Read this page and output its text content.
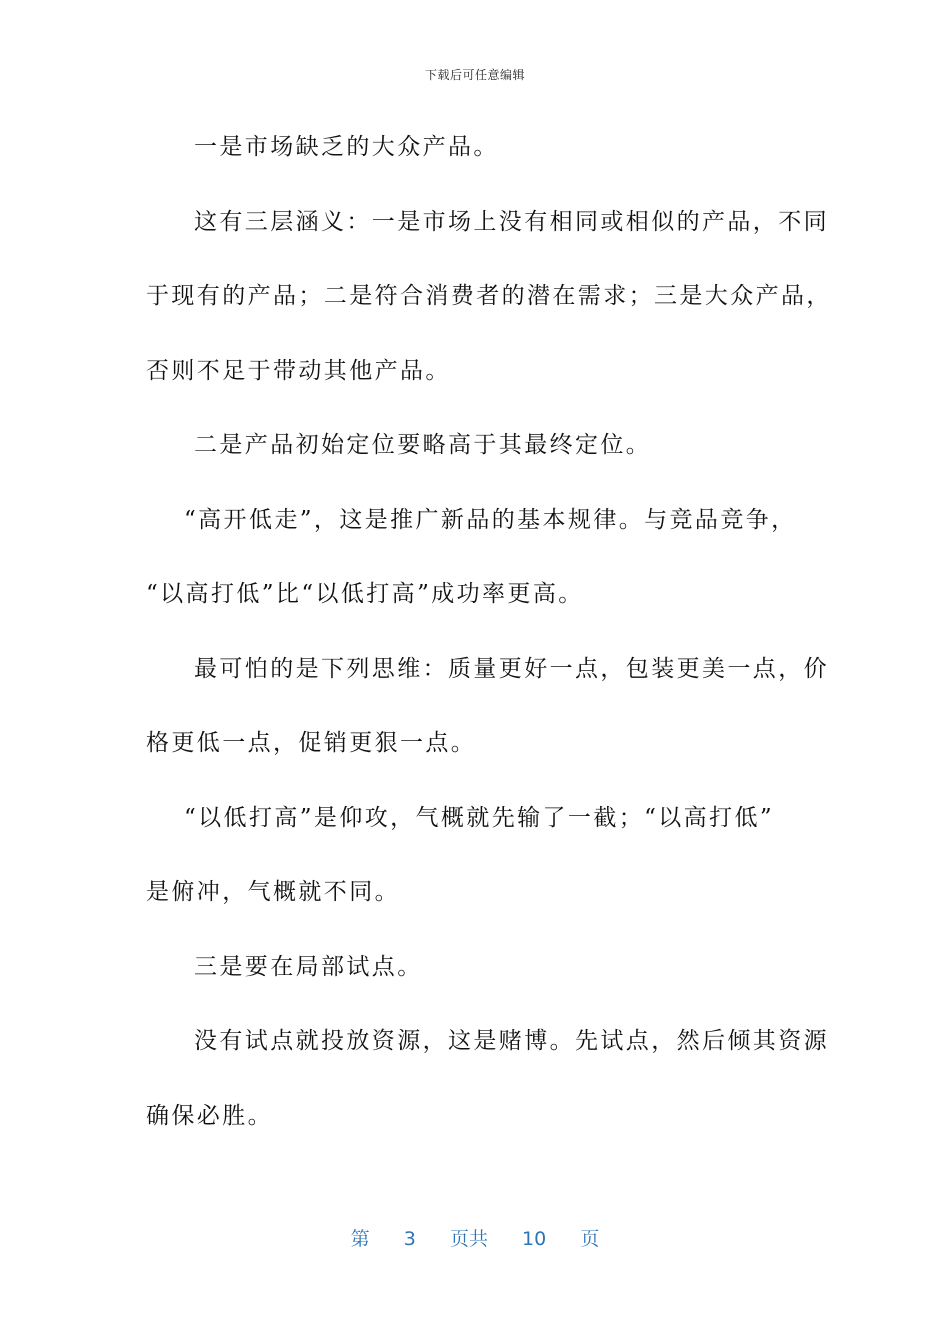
下载后可任意编辑
一是市场缺乏的大众产品。
这有三层涵义：一是市场上没有相同或相似的产品，不同
于现有的产品；二是符合消费者的潜在需求；三是大众产品，
否则不足于带动其他产品。
二是产品初始定位要略高于其最终定位。
“高开低走”，这是推广新品的基本规律。与竞品竞争，
“以高打低”比“以低打高”成功率更高。
最可怕的是下列思维：质量更好一点，包装更美一点，价
格更低一点，促销更狠一点。
“以低打高”是仰攻，气概就先输了一截；“以高打低”
是俯冲，气概就不同。
三是要在局部试点。
没有试点就投放资源，这是赌博。先试点，然后倾其资源
确保必胜。
第 3 页共 10 页
